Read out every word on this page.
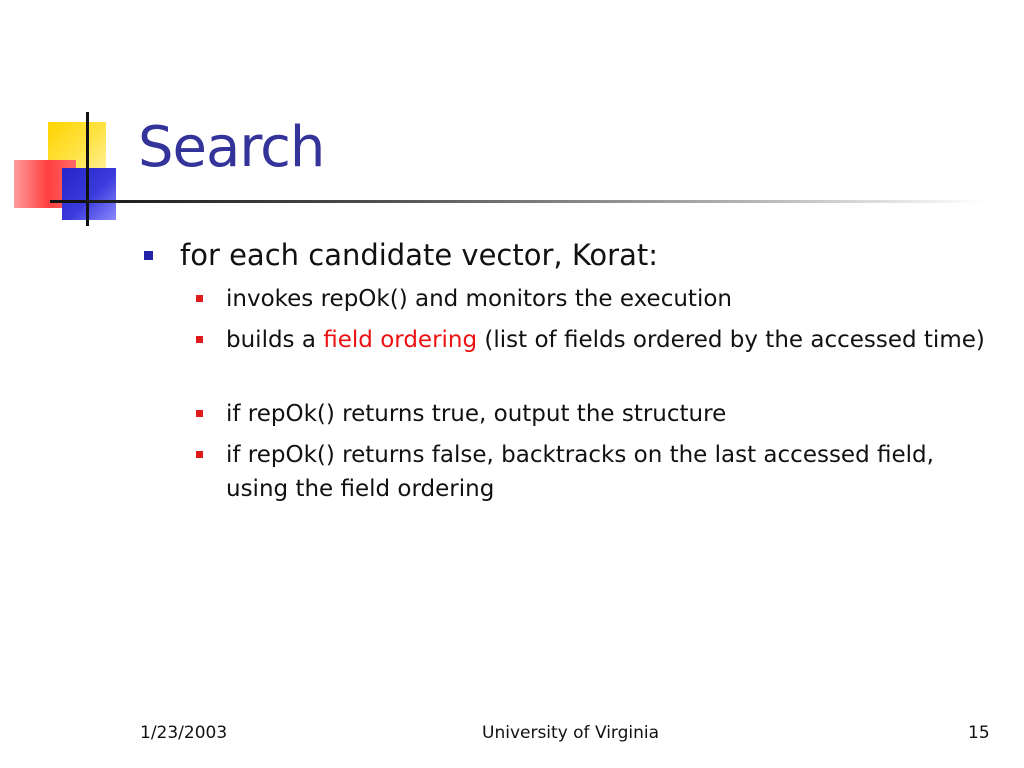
Search
for each candidate vector, Korat:
invokes repOk() and monitors the execution
builds a field ordering (list of fields ordered by the accessed time)
if repOk() returns true, output the structure
if repOk() returns false, backtracks on the last accessed field, using the field ordering
1/23/2003	University of Virginia	15
